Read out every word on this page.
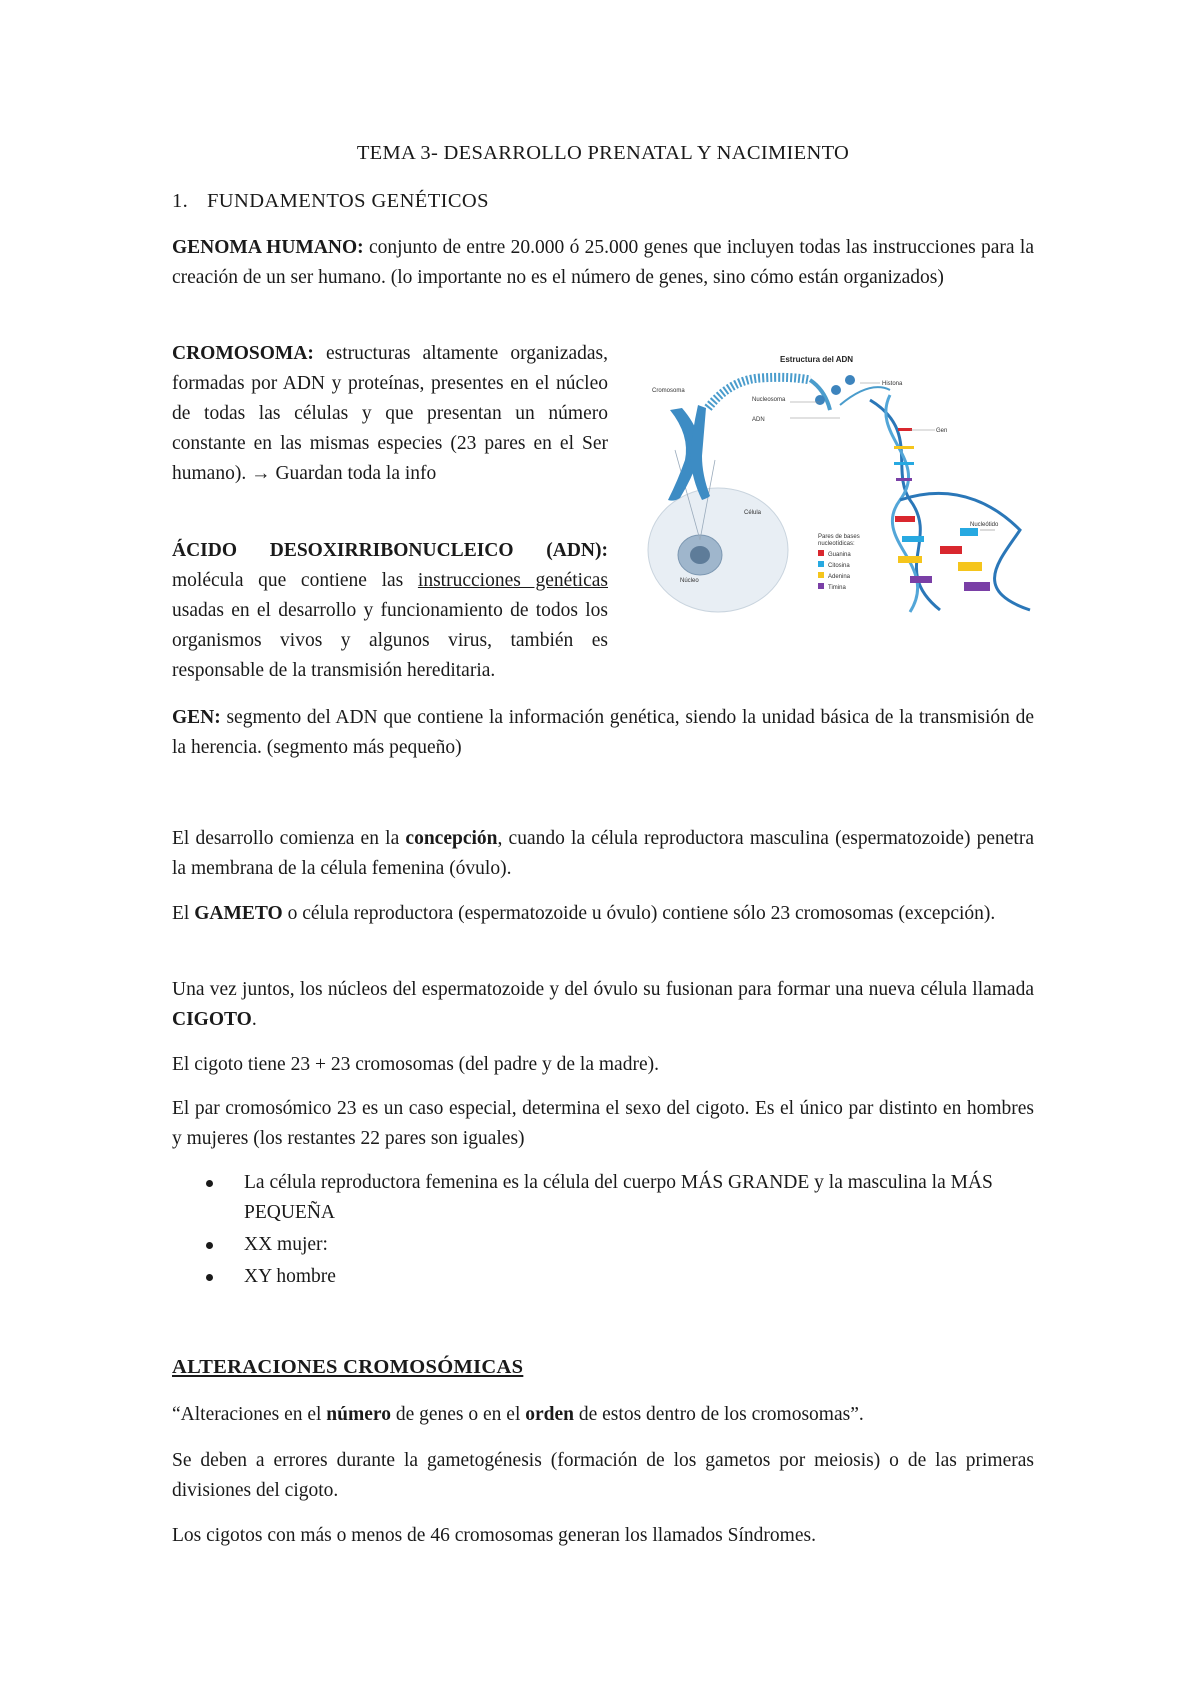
TEMA 3- DESARROLLO PRENATAL Y NACIMIENTO
1. FUNDAMENTOS GENÉTICOS

GENOMA HUMANO: conjunto de entre 20.000 ó 25.000 genes que incluyen todas las instrucciones para la creación de un ser humano. (lo importante no es el número de genes, sino cómo están organizados)

CROMOSOMA: estructuras altamente organizadas, formadas por ADN y proteínas, presentes en el núcleo de todas las células y que presentan un número constante en las mismas especies (23 pares en el Ser humano). → Guardan toda la info

ÁCIDO DESOXIRRIBONUCLEICO (ADN): molécula que contiene las instrucciones genéticas usadas en el desarrollo y funcionamiento de todos los organismos vivos y algunos virus, también es responsable de la transmisión hereditaria.

Estructura del ADN
Histona
Nucleosoma
Cromosoma
ADN
Gen
Célula
Nucleótido
Núcleo
Pares de bases
nucleotídicas:
Guanina
Citosina
Adenina
Timina

GEN: segmento del ADN que contiene la información genética, siendo la unidad básica de la transmisión de la herencia. (segmento más pequeño)

El desarrollo comienza en la concepción, cuando la célula reproductora masculina (espermatozoide) penetra la membrana de la célula femenina (óvulo).

El GAMETO o célula reproductora (espermatozoide u óvulo) contiene sólo 23 cromosomas (excepción).

Una vez juntos, los núcleos del espermatozoide y del óvulo su fusionan para formar una nueva célula llamada CIGOTO.

El cigoto tiene 23 + 23 cromosomas (del padre y de la madre).

El par cromosómico 23 es un caso especial, determina el sexo del cigoto. Es el único par distinto en hombres y mujeres (los restantes 22 pares son iguales)

La célula reproductora femenina es la célula del cuerpo MÁS GRANDE y la masculina la MÁS PEQUEÑA
XX mujer:
XY hombre
ALTERACIONES CROMOSÓMICAS

“Alteraciones en el número de genes o en el orden de estos dentro de los cromosomas”.

Se deben a errores durante la gametogénesis (formación de los gametos por meiosis) o de las primeras divisiones del cigoto.

Los cigotos con más o menos de 46 cromosomas generan los llamados Síndromes.
